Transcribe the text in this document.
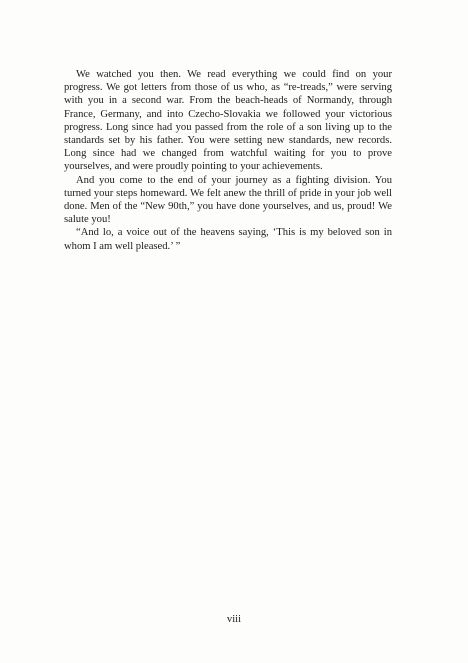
We watched you then. We read everything we could find on your progress. We got letters from those of us who, as “re-treads,” were serving with you in a second war. From the beach-heads of Normandy, through France, Germany, and into Czecho-Slovakia we followed your victorious progress. Long since had you passed from the role of a son living up to the standards set by his father. You were setting new standards, new records. Long since had we changed from watchful waiting for you to prove yourselves, and were proudly pointing to your achievements.

And you come to the end of your journey as a fighting division. You turned your steps homeward. We felt anew the thrill of pride in your job well done. Men of the “New 90th,” you have done yourselves, and us, proud! We salute you!

“And lo, a voice out of the heavens saying, ‘This is my beloved son in whom I am well pleased.’ ”

viii
